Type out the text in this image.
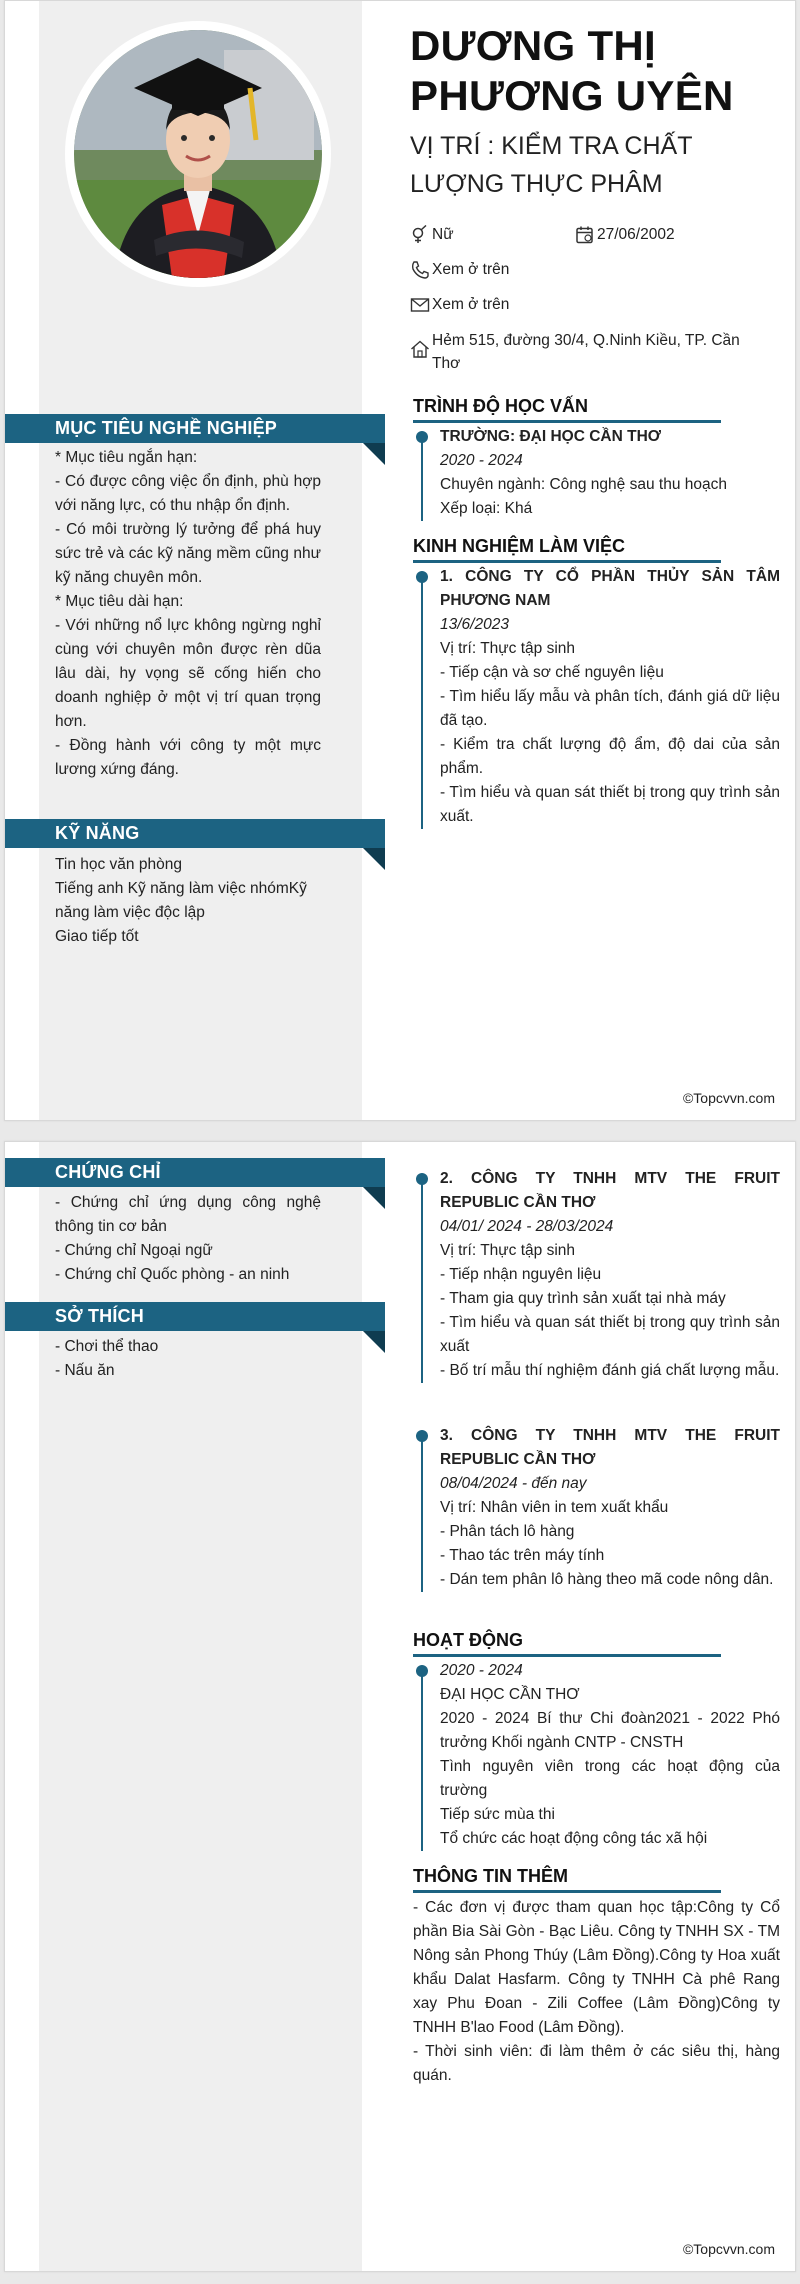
DƯƠNG THỊ PHƯƠNG UYÊN
VỊ TRÍ : KIỂM TRA CHẤT LƯỢNG THỰC PHÂM
Nữ	27/06/2002
Xem ở trên
Xem ở trên
Hẻm 515, đường 30/4, Q.Ninh Kiều, TP. Cần Thơ
MỤC TIÊU NGHỀ NGHIỆP
* Mục tiêu ngắn hạn:
- Có được công việc ổn định, phù hợp với năng lực, có thu nhập ổn định.
- Có môi trường lý tưởng để phá huy sức trẻ và các kỹ năng mềm cũng như kỹ năng chuyên môn.
* Mục tiêu dài hạn:
- Với những nổ lực không ngừng nghỉ cùng với chuyên môn được rèn dũa lâu dài, hy vọng sẽ cống hiến cho doanh nghiệp ở một vị trí quan trọng hơn.
- Đồng hành với công ty một mực lương xứng đáng.
KỸ NĂNG
Tin học văn phòng
Tiếng anh Kỹ năng làm việc nhómKỹ năng làm việc độc lập
Giao tiếp tốt
TRÌNH ĐỘ HỌC VẤN
TRƯỜNG: ĐẠI HỌC CẦN THƠ
2020 - 2024
Chuyên ngành: Công nghệ sau thu hoạch
Xếp loại: Khá
KINH NGHIỆM LÀM VIỆC
1. CÔNG TY CỔ PHẦN THỦY SẢN TÂM PHƯƠNG NAM
13/6/2023
Vị trí: Thực tập sinh
- Tiếp cận và sơ chế nguyên liệu
- Tìm hiểu lấy mẫu và phân tích, đánh giá dữ liệu đã tạo.
- Kiểm tra chất lượng độ ẩm, độ dai của sản phẩm.
- Tìm hiểu và quan sát thiết bị trong quy trình sản xuất.
©Topcvvn.com
CHỨNG CHỈ
- Chứng chỉ ứng dụng công nghệ thông tin cơ bản
- Chứng chỉ Ngoại ngữ
- Chứng chỉ Quốc phòng - an ninh
SỞ THÍCH
- Chơi thể thao
- Nấu ăn
2. CÔNG TY TNHH MTV THE FRUIT REPUBLIC CẦN THƠ
04/01/ 2024 - 28/03/2024
Vị trí: Thực tập sinh
- Tiếp nhận nguyên liệu
- Tham gia quy trình sản xuất tại nhà máy
- Tìm hiểu và quan sát thiết bị trong quy trình sản xuất
- Bố trí mẫu thí nghiệm đánh giá chất lượng mẫu.
3. CÔNG TY TNHH MTV THE FRUIT REPUBLIC CẦN THƠ
08/04/2024 - đến nay
Vị trí: Nhân viên in tem xuất khẩu
- Phân tách lô hàng
- Thao tác trên máy tính
- Dán tem phân lô hàng theo mã code nông dân.
HOẠT ĐỘNG
2020 - 2024
ĐẠI HỌC CẦN THƠ
2020 - 2024 Bí thư Chi đoàn2021 - 2022 Phó trưởng Khối ngành CNTP - CNSTH
Tình nguyên viên trong các hoạt động của trường
Tiếp sức mùa thi
Tổ chức các hoạt động công tác xã hội
THÔNG TIN THÊM
- Các đơn vị được tham quan học tập:Công ty Cổ phần Bia Sài Gòn - Bạc Liêu. Công ty TNHH SX - TM Nông sản Phong Thúy (Lâm Đồng).Công ty Hoa xuất khẩu Dalat Hasfarm. Công ty TNHH Cà phê Rang xay Phu Đoan - Zili Coffee (Lâm Đồng)Công ty TNHH B'lao Food (Lâm Đồng).
- Thời sinh viên: đi làm thêm ở các siêu thị, hàng quán.
©Topcvvn.com
